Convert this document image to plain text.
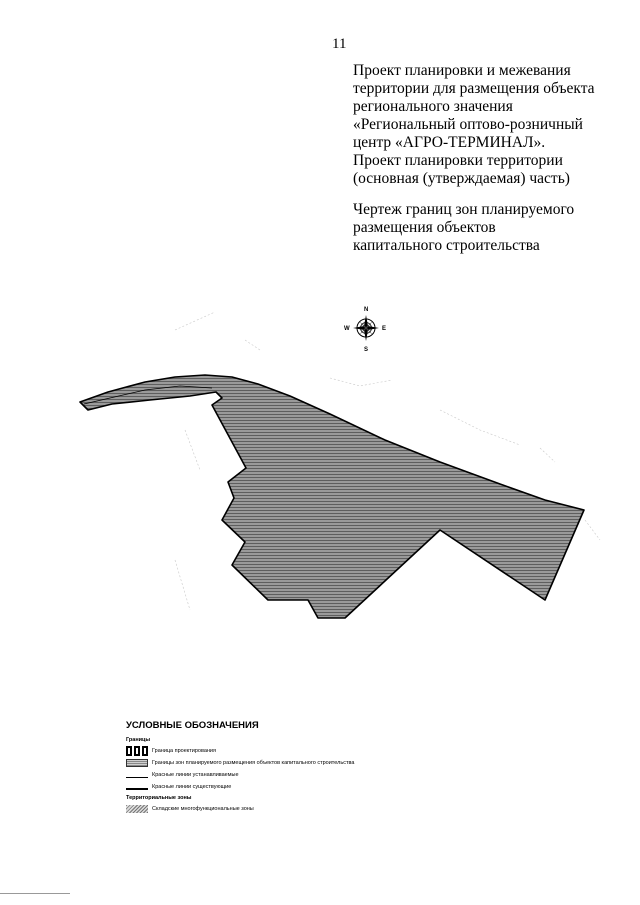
11
Проект планировки и межевания
территории для размещения объекта
регионального значения
«Региональный оптово-розничный
центр «АГРО-ТЕРМИНАЛ».
Проект планировки территории
(основная (утверждаемая) часть)
Чертеж границ зон планируемого
размещения объектов
капитального строительства
N
S
E
W
УСЛОВНЫЕ ОБОЗНАЧЕНИЯ
Границы
Граница проектирования
Границы зон планируемого размещения объектов капитального строительства
Красные линии устанавливаемые
Красные линии существующие
Территориальные зоны
Складские многофункциональные зоны
